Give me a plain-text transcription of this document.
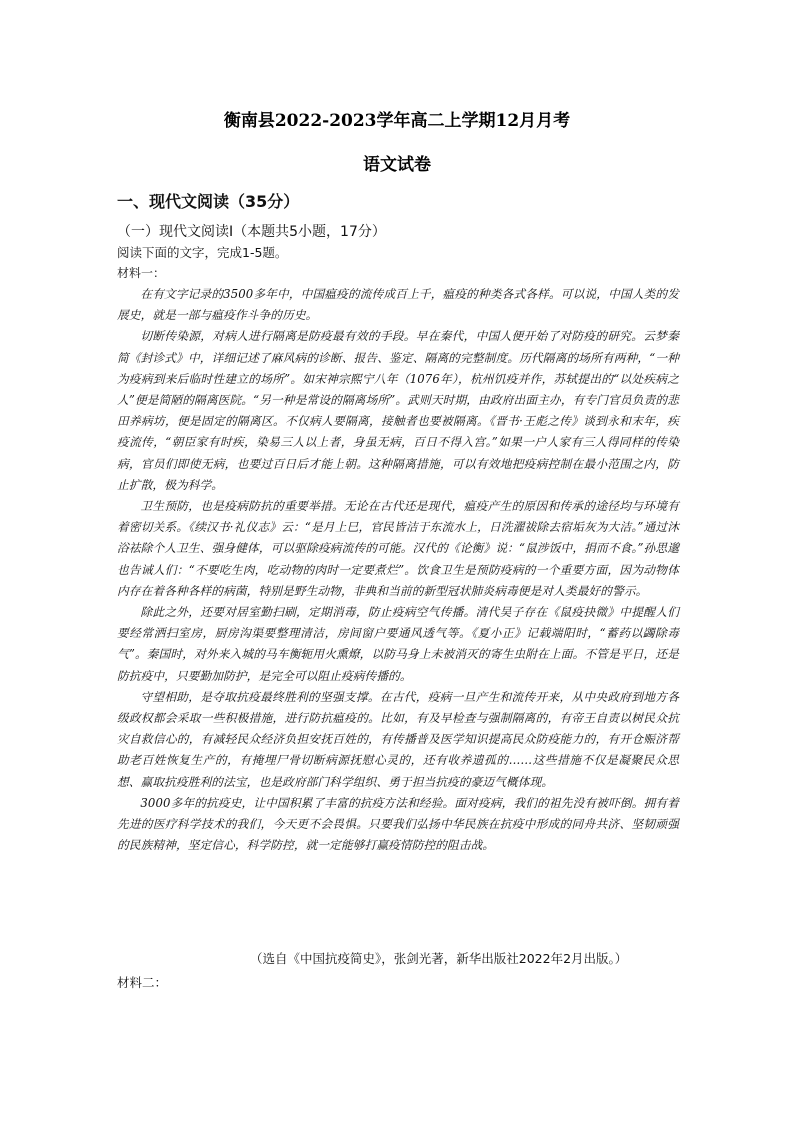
衡南县2022-2023学年高二上学期12月月考
语文试卷
一、现代文阅读（35分）
（一）现代文阅读Ⅰ（本题共5小题，17分）
阅读下面的文字，完成1-5题。
材料一：

在有文字记录的3500多年中，中国瘟疫的流传成百上千，瘟疫的种类各式各样。可以说，中国人类的发展史，就是一部与瘟疫作斗争的历史。

切断传染源，对病人进行隔离是防疫最有效的手段。早在秦代，中国人便开始了对防疫的研究。云梦秦简《封诊式》中，详细记述了麻风病的诊断、报告、鉴定、隔离的完整制度。历代隔离的场所有两种，“一种为疫病到来后临时性建立的场所”。如宋神宗熙宁八年（1076年），杭州饥疫并作，苏轼提出的“以处疾病之人”便是简陋的隔离医院。“另一种是常设的隔离场所”。武则天时期，由政府出面主办，有专门官员负责的悲田养病坊，便是固定的隔离区。不仅病人要隔离，接触者也要被隔离。《晋书·王彪之传》谈到永和末年，疾疫流传，“朝臣家有时疾，染易三人以上者，身虽无病，百日不得入宫。”如果一户人家有三人得同样的传染病，官员们即使无病，也要过百日后才能上朝。这种隔离措施，可以有效地把疫病控制在最小范围之内，防止扩散，极为科学。

卫生预防，也是疫病防抗的重要举措。无论在古代还是现代，瘟疫产生的原因和传承的途径均与环境有着密切关系。《续汉书·礼仪志》云：“是月上巳，官民皆洁于东流水上，日洗濯祓除去宿垢灰为大洁。”通过沐浴祛除个人卫生、强身健体，可以驱除疫病流传的可能。汉代的《论衡》说：“鼠涉饭中，捐而不食。”孙思邈也告诫人们：“不要吃生肉，吃动物的肉时一定要煮烂”。饮食卫生是预防疫病的一个重要方面，因为动物体内存在着各种各样的病菌，特别是野生动物，非典和当前的新型冠状肺炎病毒便是对人类最好的警示。

除此之外，还要对居室勤扫刷，定期消毒，防止疫病空气传播。清代吴子存在《鼠疫抉微》中提醒人们要经常洒扫室房，厨房沟渠要整理清洁，房间窗户要通风透气等。《夏小正》记载端阳时，“蓄药以蠲除毒气”。秦国时，对外来入城的马车衡轭用火熏燎，以防马身上未被消灭的寄生虫附在上面。不管是平日，还是防抗疫中，只要勤加防护，是完全可以阻止疫病传播的。

守望相助，是夺取抗疫最终胜利的坚强支撑。在古代，疫病一旦产生和流传开来，从中央政府到地方各级政权都会采取一些积极措施，进行防抗瘟疫的。比如，有及早检查与强制隔离的，有帝王自责以树民众抗灾自救信心的，有减轻民众经济负担安抚百姓的，有传播普及医学知识提高民众防疫能力的，有开仓赈济帮助老百姓恢复生产的，有掩埋尸骨切断病源抚慰心灵的，还有收养遗孤的……这些措施不仅是凝聚民众思想、赢取抗疫胜利的法宝，也是政府部门科学组织、勇于担当抗疫的豪迈气概体现。

3000多年的抗疫史，让中国积累了丰富的抗疫方法和经验。面对疫病，我们的祖先没有被吓倒。拥有着先进的医疗科学技术的我们，今天更不会畏惧。只要我们弘扬中华民族在抗疫中形成的同舟共济、坚韧顽强的民族精神，坚定信心，科学防控，就一定能够打赢疫情防控的阻击战。

（选自《中国抗疫简史》，张剑光著，新华出版社2022年2月出版。）
材料二：
